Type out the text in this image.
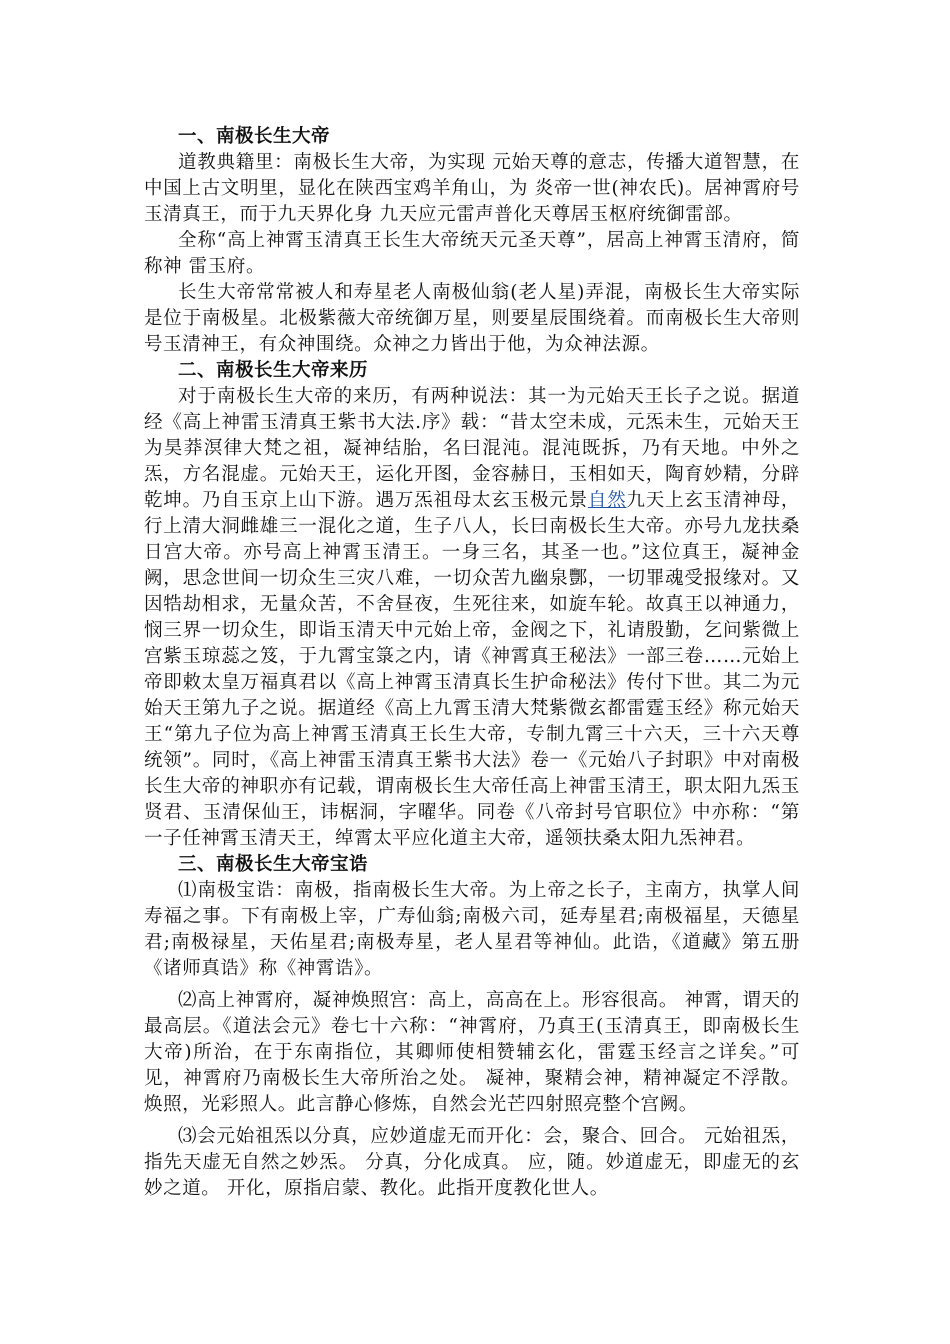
一、南极长生大帝

道教典籍里：南极长生大帝，为实现 元始天尊的意志，传播大道智慧，在中国上古文明里，显化在陕西宝鸡羊角山，为 炎帝一世(神农氏)。居神霄府号玉清真王，而于九天界化身 九天应元雷声普化天尊居玉枢府统御雷部。

全称“高上神霄玉清真王长生大帝统天元圣天尊”，居高上神霄玉清府，简称神 雷玉府。

长生大帝常常被人和寿星老人南极仙翁(老人星)弄混，南极长生大帝实际是位于南极星。北极紫薇大帝统御万星，则要星辰围绕着。而南极长生大帝则号玉清神王，有众神围绕。众神之力皆出于他，为众神法源。

二、南极长生大帝来历

对于南极长生大帝的来历，有两种说法：其一为元始天王长子之说。据道经《高上神雷玉清真王紫书大法.序》载：“昔太空未成，元炁未生，元始天王为昊莽溟律大梵之祖，凝神结胎，名曰混沌。混沌既拆，乃有天地。中外之炁，方名混虚。元始天王，运化开图，金容赫日，玉相如天，陶育妙精，分辟乾坤。乃自玉京上山下游。遇万炁祖母太玄玉极元景自然九天上玄玉清神母，行上清大洞雌雄三一混化之道，生子八人，长曰南极长生大帝。亦号九龙扶桑日宫大帝。亦号高上神霄玉清王。一身三名，其圣一也。”这位真王，凝神金阙，思念世间一切众生三灾八难，一切众苦九幽泉酆，一切罪魂受报缘对。又因牿劫相求，无量众苦，不舍昼夜，生死往来，如旋车轮。故真王以神通力，悯三界一切众生，即诣玉清天中元始上帝，金阀之下，礼请殷勤，乞问紫微上宫紫玉琼蕊之笈，于九霄宝箓之内，请《神霄真王秘法》一部三卷……元始上帝即敕太皇万福真君以《高上神霄玉清真长生护命秘法》传付下世。其二为元始天王第九子之说。据道经《高上九霄玉清大梵紫微玄都雷霆玉经》称元始天王“第九子位为高上神霄玉清真王长生大帝，专制九霄三十六天，三十六天尊统领”。同时，《高上神雷玉清真王紫书大法》卷一《元始八子封职》中对南极长生大帝的神职亦有记载，谓南极长生大帝任高上神雷玉清王，职太阳九炁玉贤君、玉清保仙王，讳椐洞，字曜华。同卷《八帝封号官职位》中亦称：“第一子任神霄玉清天王，绰霄太平应化道主大帝，遥领扶桑太阳九炁神君。

三、南极长生大帝宝诰

⑴南极宝诰：南极，指南极长生大帝。为上帝之长子，主南方，执掌人间寿福之事。下有南极上宰，广寿仙翁;南极六司，延寿星君;南极福星，天德星君;南极禄星，天佑星君;南极寿星，老人星君等神仙。此诰，《道藏》第五册《诸师真诰》称《神霄诰》。

⑵高上神霄府，凝神焕照宫：高上，高高在上。形容很高。 神霄，谓天的最高层。《道法会元》卷七十六称：“神霄府，乃真王(玉清真王，即南极长生大帝)所治，在于东南指位，其卿师使相赞辅玄化，雷霆玉经言之详矣。”可见，神霄府乃南极长生大帝所治之处。 凝神，聚精会神，精神凝定不浮散。 焕照，光彩照人。此言静心修炼，自然会光芒四射照亮整个宫阙。

⑶会元始祖炁以分真，应妙道虚无而开化：会，聚合、回合。 元始祖炁，指先天虚无自然之妙炁。 分真，分化成真。 应，随。妙道虚无，即虚无的玄妙之道。 开化，原指启蒙、教化。此指开度教化世人。
